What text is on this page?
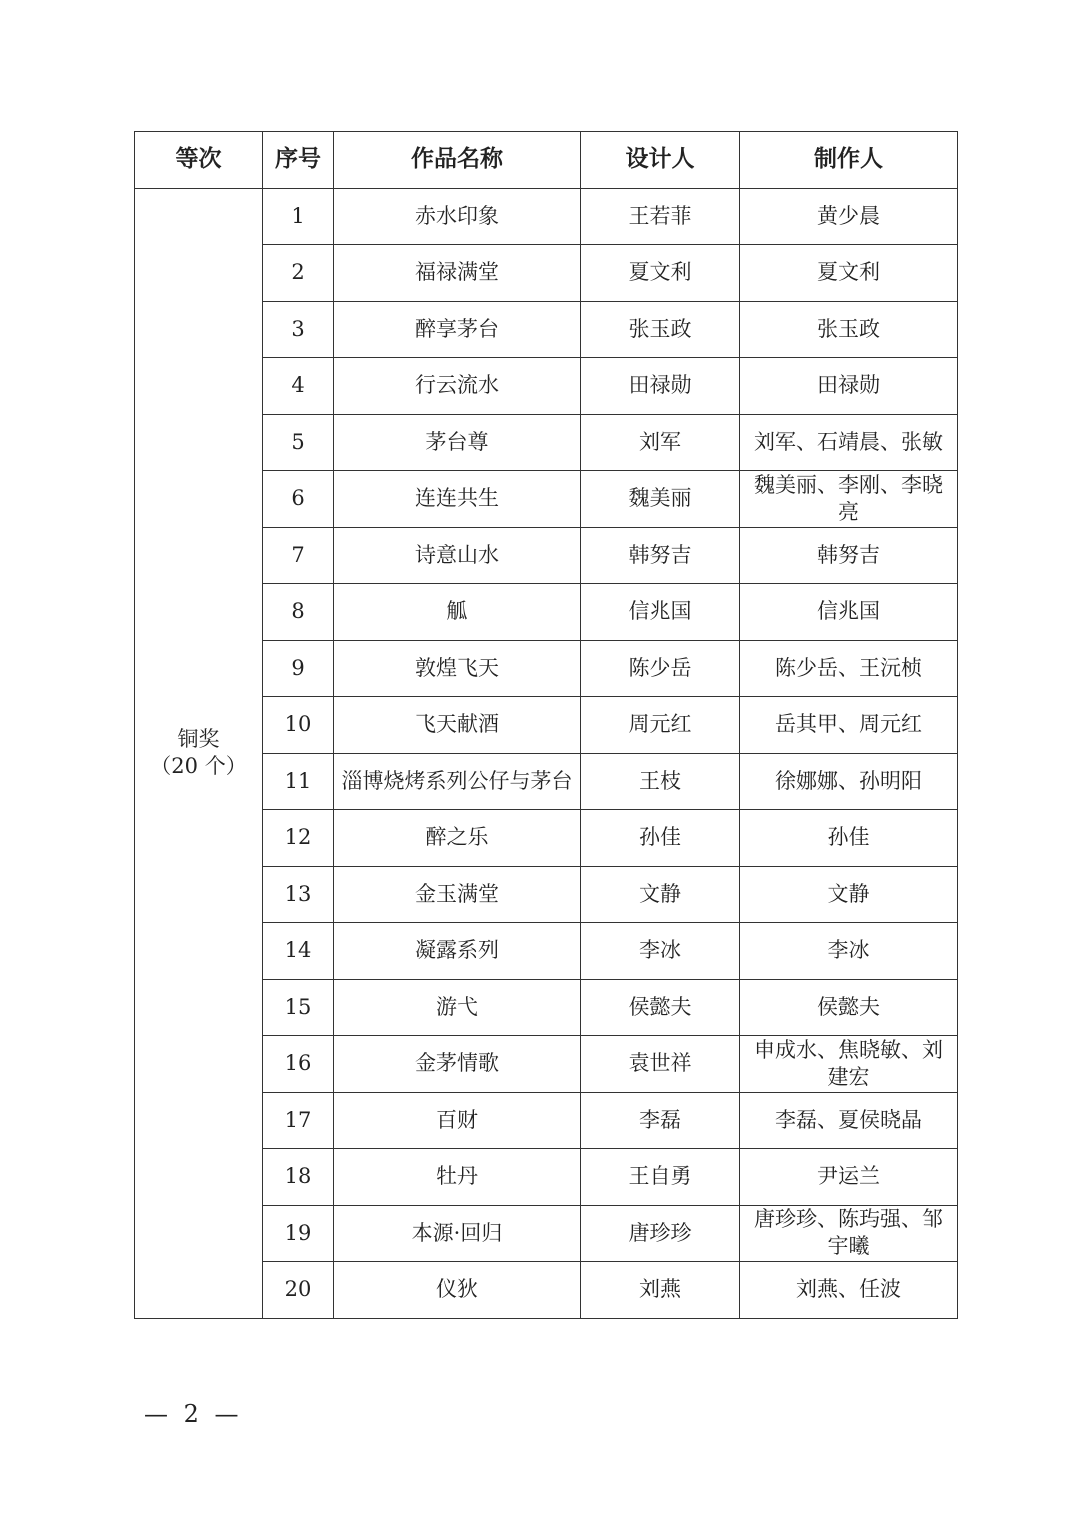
等次	序号	作品名称	设计人	制作人

铜奖
（20 个）	1	赤水印象	王若菲	黄少晨
	2	福禄满堂	夏文利	夏文利
	3	醉享茅台	张玉政	张玉政
	4	行云流水	田禄勋	田禄勋
	5	茅台尊	刘军	刘军、石靖晨、张敏
	6	连连共生	魏美丽	魏美丽、李刚、李晓亮
	7	诗意山水	韩努吉	韩努吉
	8	觚	信兆国	信兆国
	9	敦煌飞天	陈少岳	陈少岳、王沅桢
	10	飞天献酒	周元红	岳其甲、周元红
	11	淄博烧烤系列公仔与茅台	王枝	徐娜娜、孙明阳
	12	醉之乐	孙佳	孙佳
	13	金玉满堂	文静	文静
	14	凝露系列	李冰	李冰
	15	游弋	侯懿夫	侯懿夫
	16	金茅情歌	袁世祥	申成水、焦晓敏、刘建宏
	17	百财	李磊	李磊、夏侯晓晶
	18	牡丹	王自勇	尹运兰
	19	本源·回归	唐珍珍	唐珍珍、陈玙强、邹宇曦
	20	仪狄	刘燕	刘燕、任波
— 2 —
